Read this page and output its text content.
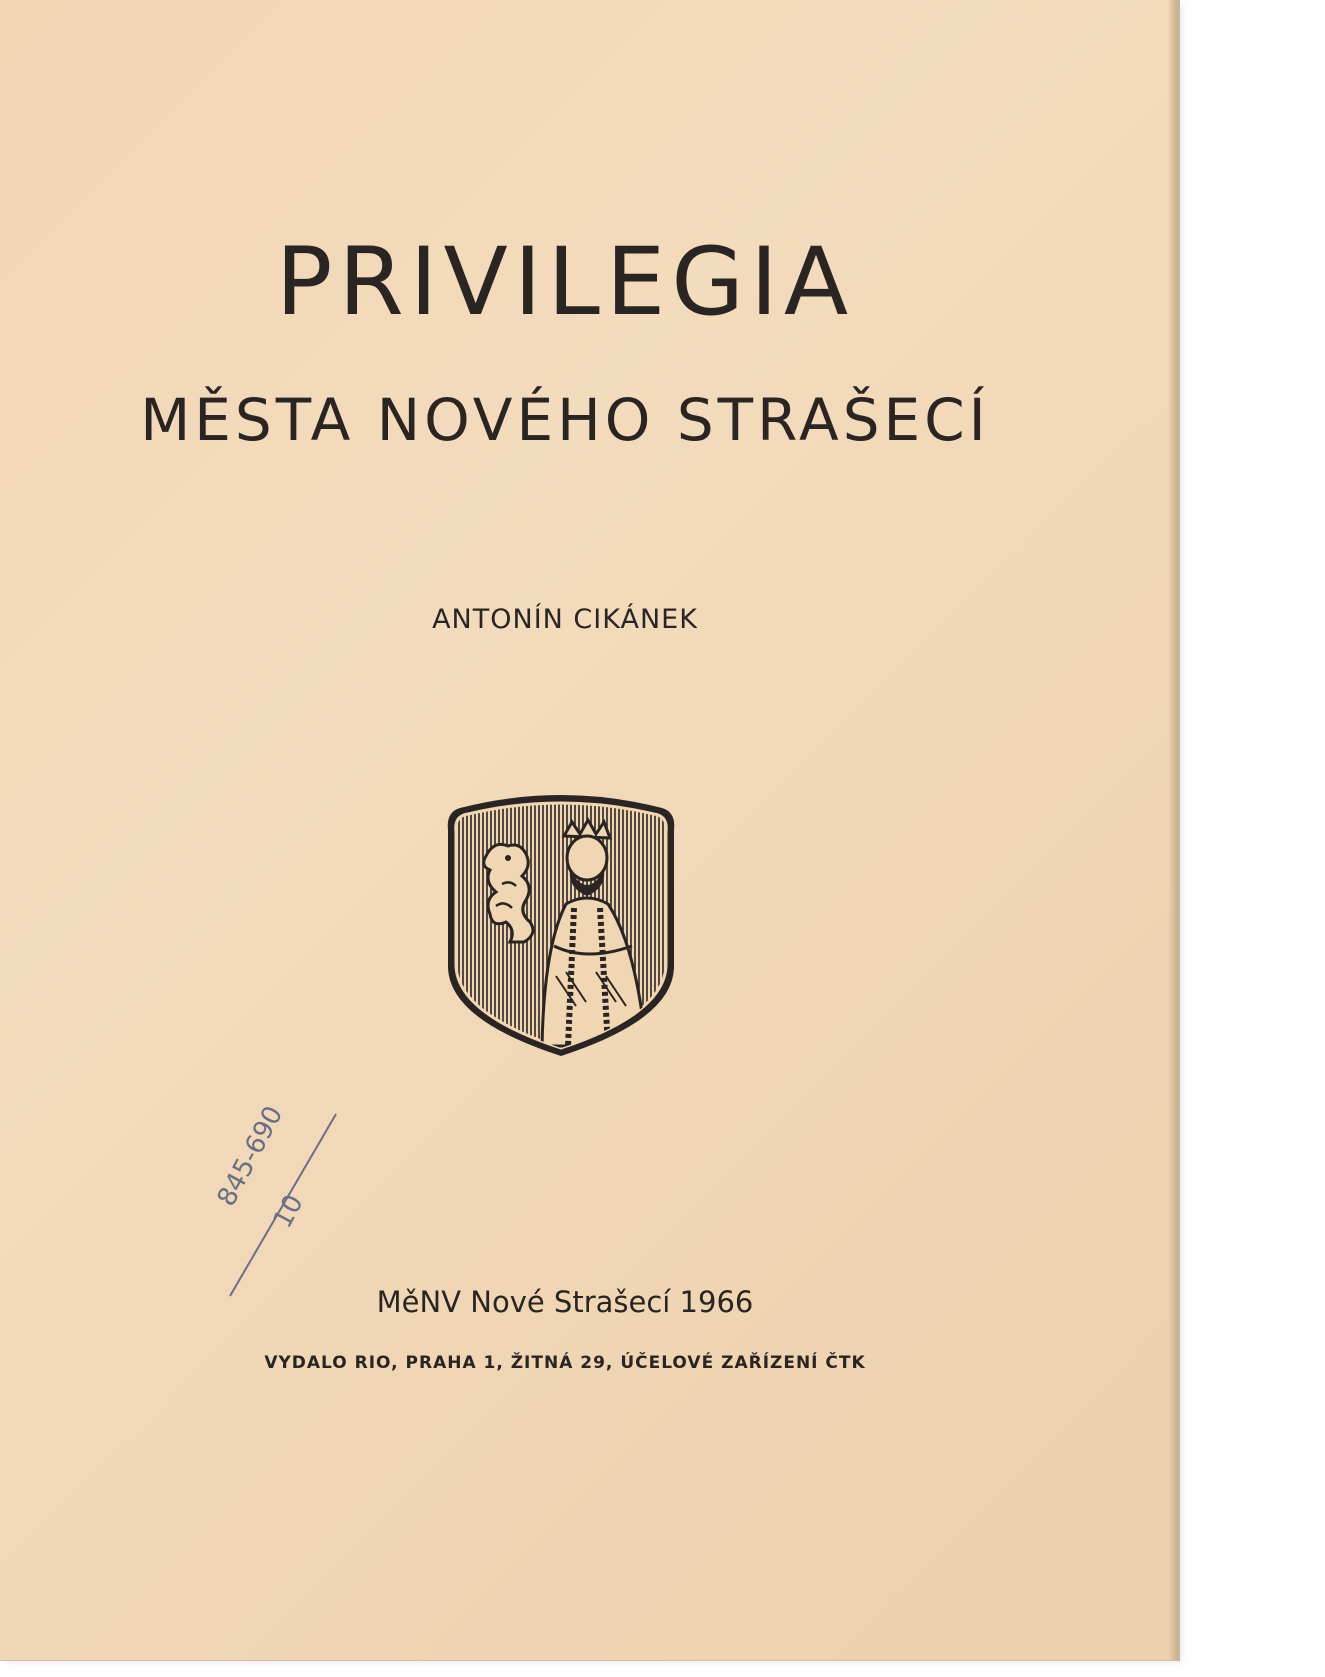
PRIVILEGIA
MĚSTA NOVÉHO STRAŠECÍ
ANTONÍN CIKÁNEK
845-690
10
MěNV Nové Strašecí 1966
VYDALO RIO, PRAHA 1, ŽITNÁ 29, ÚČELOVÉ ZAŘÍZENÍ ČTK
